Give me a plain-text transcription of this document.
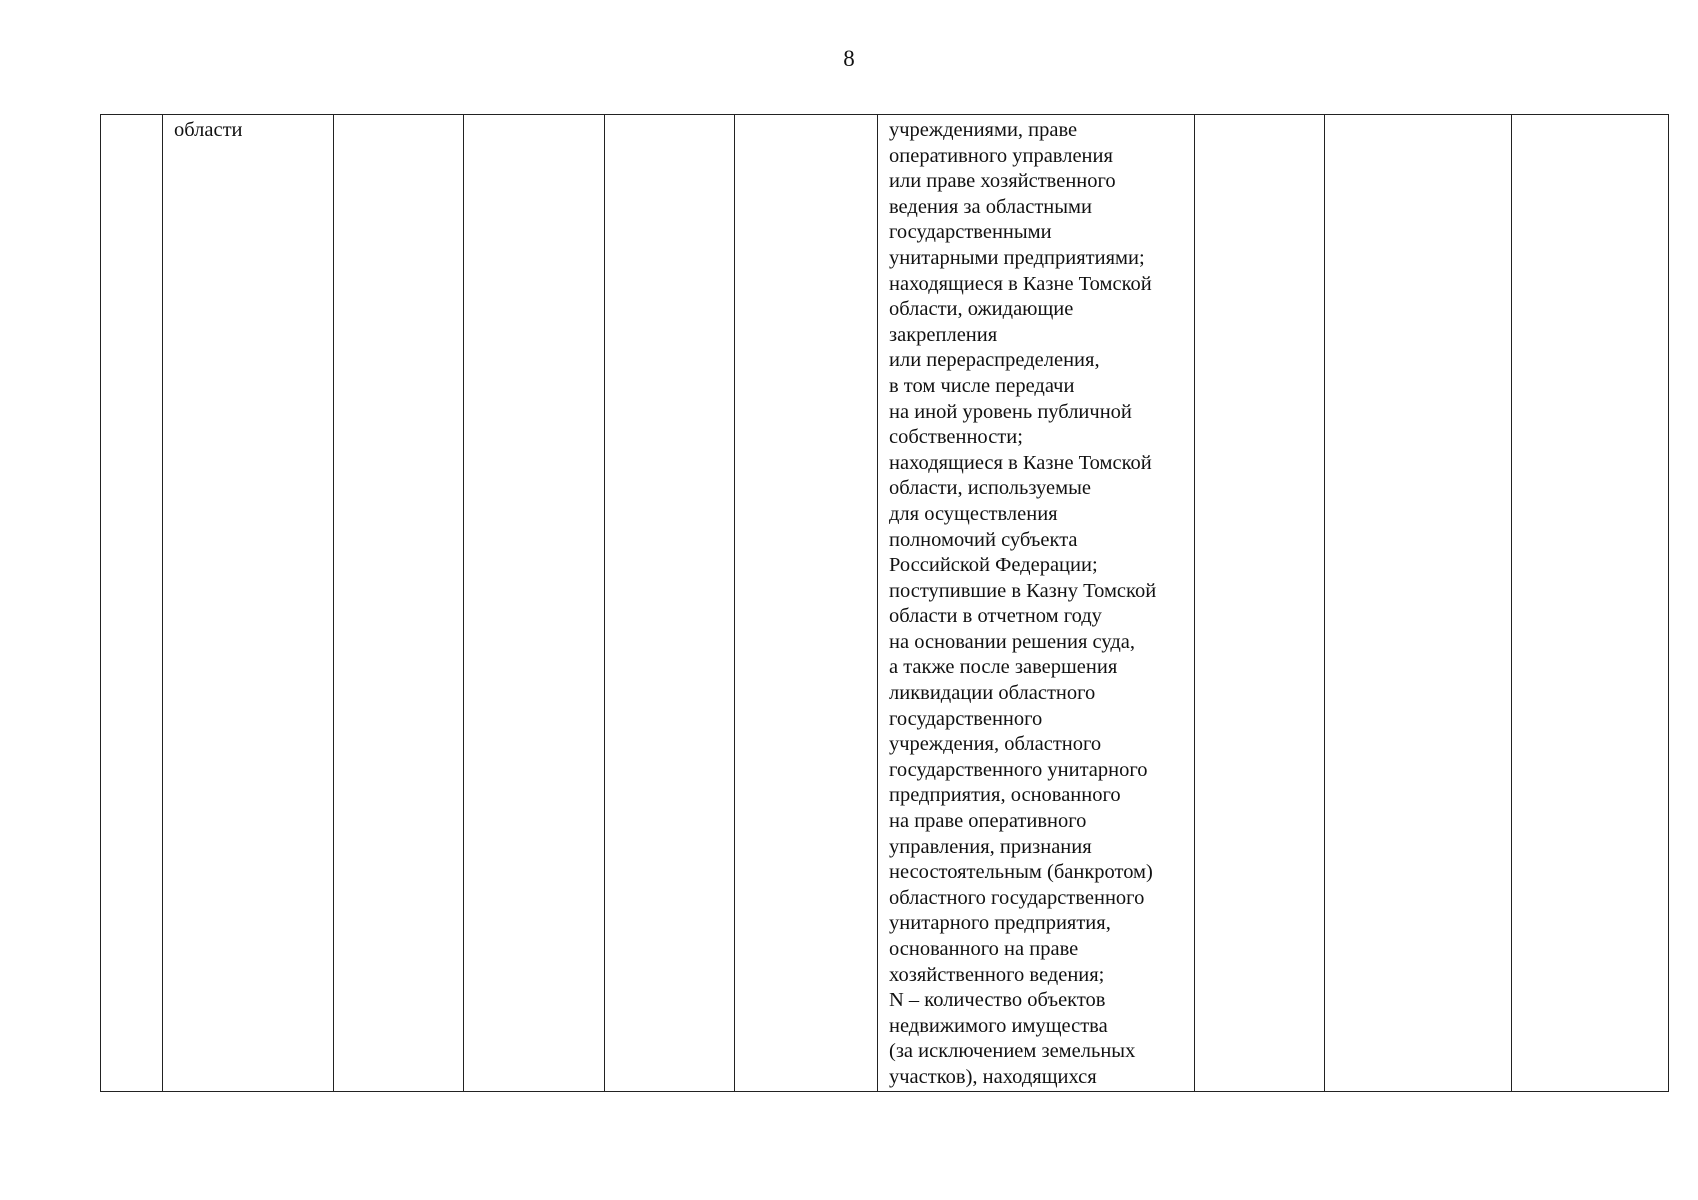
8

области					учреждениями, праве
оперативного управления
или праве хозяйственного
ведения за областными
государственными
унитарными предприятиями;
находящиеся в Казне Томской
области, ожидающие
закрепления
или перераспределения,
в том числе передачи
на иной уровень публичной
собственности;
находящиеся в Казне Томской
области, используемые
для осуществления
полномочий субъекта
Российской Федерации;
поступившие в Казну Томской
области в отчетном году
на основании решения суда,
а также после завершения
ликвидации областного
государственного
учреждения, областного
государственного унитарного
предприятия, основанного
на праве оперативного
управления, признания
несостоятельным (банкротом)
областного государственного
унитарного предприятия,
основанного на праве
хозяйственного ведения;
N – количество объектов
недвижимого имущества
(за исключением земельных
участков), находящихся
